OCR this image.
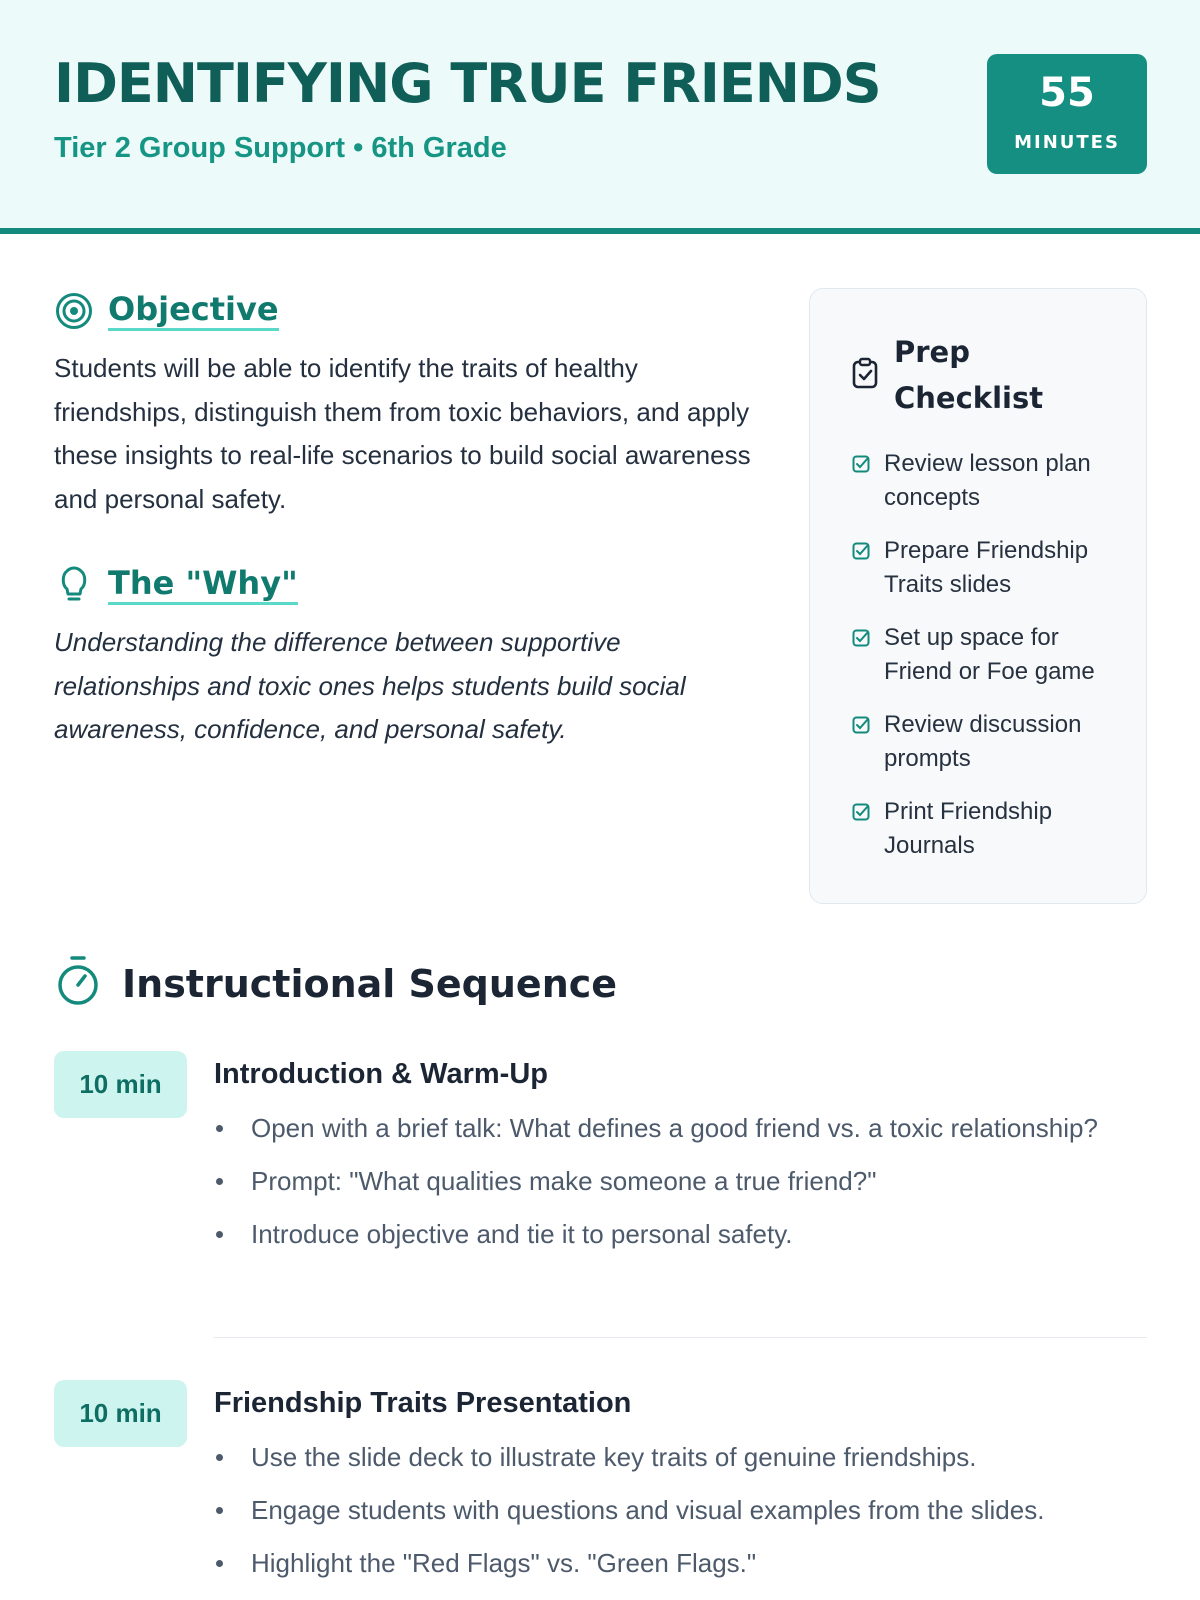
IDENTIFYING TRUE FRIENDS
Tier 2 Group Support • 6th Grade
55
MINUTES
Objective
Students will be able to identify the traits of healthy friendships, distinguish them from toxic behaviors, and apply these insights to real-life scenarios to build social awareness and personal safety.
The "Why"
Understanding the difference between supportive relationships and toxic ones helps students build social awareness, confidence, and personal safety.
Prep Checklist
Review lesson plan concepts
Prepare Friendship Traits slides
Set up space for Friend or Foe game
Review discussion prompts
Print Friendship Journals
Instructional Sequence
10 min	Introduction & Warm-Up
Open with a brief talk: What defines a good friend vs. a toxic relationship?
Prompt: "What qualities make someone a true friend?"
Introduce objective and tie it to personal safety.
10 min	Friendship Traits Presentation
Use the slide deck to illustrate key traits of genuine friendships.
Engage students with questions and visual examples from the slides.
Highlight the "Red Flags" vs. "Green Flags."
